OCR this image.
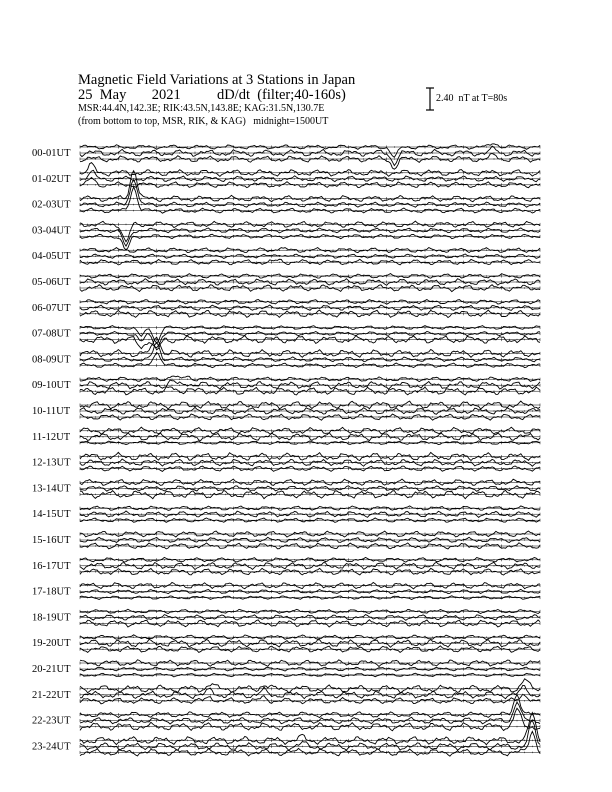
Magnetic Field Variations at 3 Stations in Japan
25  May       2021          dD/dt  (filter;40-160s)
MSR:44.4N,142.3E; RIK:43.5N,143.8E; KAG:31.5N,130.7E
(from bottom to top, MSR, RIK, & KAG)   midnight=1500UT
2.40  nT at T=80s
00-01UT
01-02UT
02-03UT
03-04UT
04-05UT
05-06UT
06-07UT
07-08UT
08-09UT
09-10UT
10-11UT
11-12UT
12-13UT
13-14UT
14-15UT
15-16UT
16-17UT
17-18UT
18-19UT
19-20UT
20-21UT
21-22UT
22-23UT
23-24UT
